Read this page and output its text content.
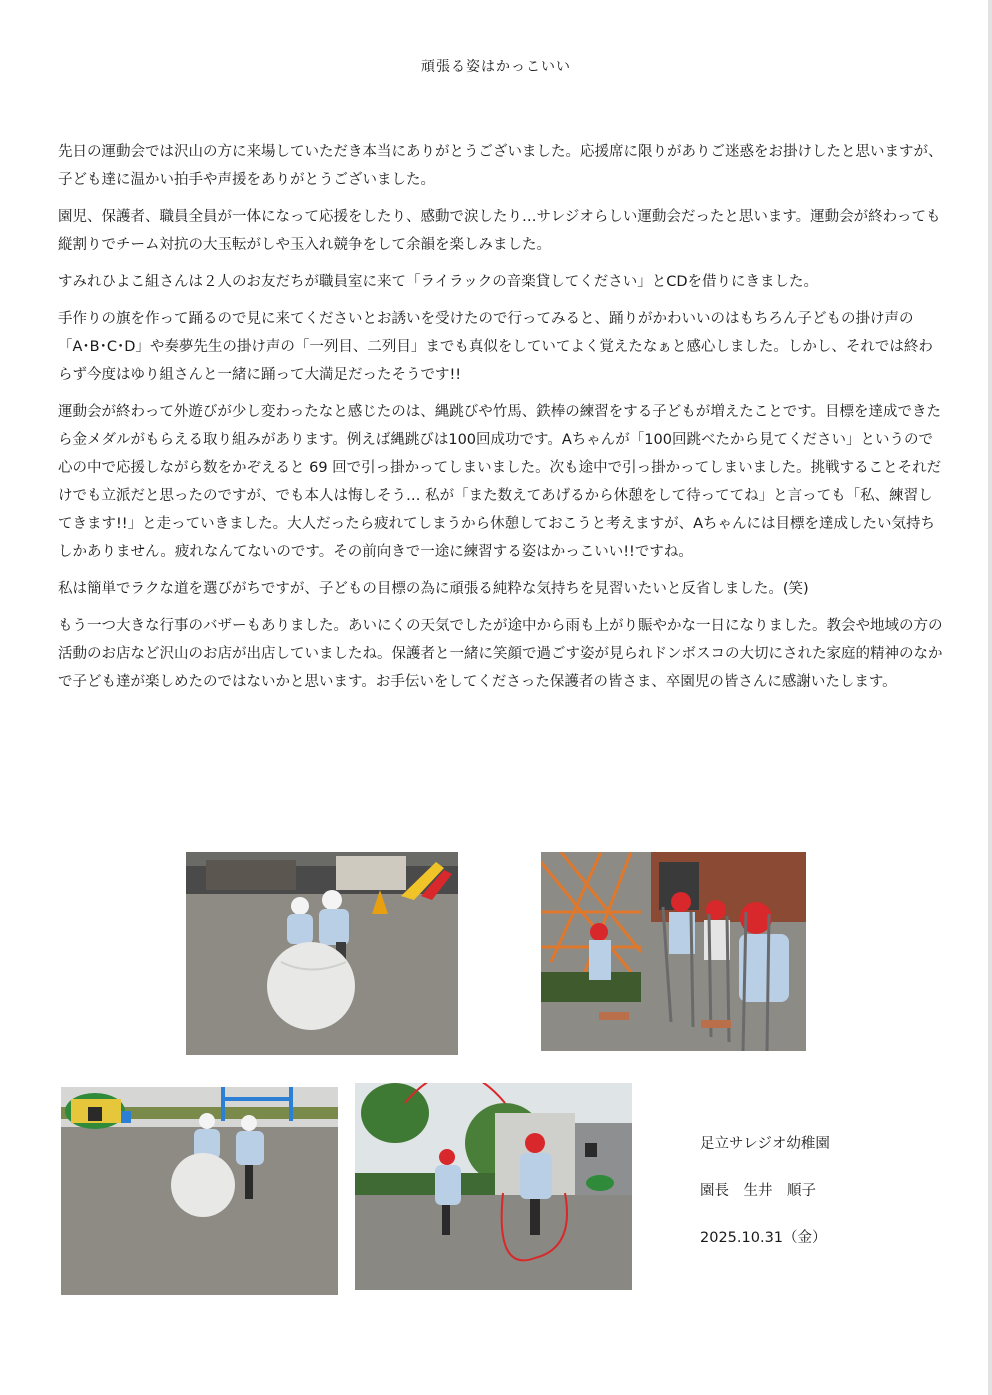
頑張る姿はかっこいい

先日の運動会では沢山の方に来場していただき本当にありがとうございました。応援席に限りがありご迷惑をお掛けしたと思いますが、子ども達に温かい拍手や声援をありがとうございました。

園児、保護者、職員全員が一体になって応援をしたり、感動で涙したり…サレジオらしい運動会だったと思います。運動会が終わっても縦割りでチーム対抗の大玉転がしや玉入れ競争をして余韻を楽しみました。

すみれひよこ組さんは２人のお友だちが職員室に来て「ライラックの音楽貸してください」とCDを借りにきました。

手作りの旗を作って踊るので見に来てくださいとお誘いを受けたので行ってみると、踊りがかわいいのはもちろん子どもの掛け声の「A･B･C･D」や奏夢先生の掛け声の「一列目、二列目」までも真似をしていてよく覚えたなぁと感心しました。しかし、それでは終わらず今度はゆり組さんと一緒に踊って大満足だったそうです!!

運動会が終わって外遊びが少し変わったなと感じたのは、縄跳びや竹馬、鉄棒の練習をする子どもが増えたことです。目標を達成できたら金メダルがもらえる取り組みがあります。例えば縄跳びは100回成功です。Aちゃんが「100回跳べたから見てください」というので心の中で応援しながら数をかぞえると 69 回で引っ掛かってしまいました。次も途中で引っ掛かってしまいました。挑戦することそれだけでも立派だと思ったのですが、でも本人は悔しそう… 私が「また数えてあげるから休憩をして待っててね」と言っても「私、練習してきます!!」と走っていきました。大人だったら疲れてしまうから休憩しておこうと考えますが、Aちゃんには目標を達成したい気持ちしかありません。疲れなんてないのです。その前向きで一途に練習する姿はかっこいい!!ですね。

私は簡単でラクな道を選びがちですが、子どもの目標の為に頑張る純粋な気持ちを見習いたいと反省しました。(笑)

もう一つ大きな行事のバザーもありました。あいにくの天気でしたが途中から雨も上がり賑やかな一日になりました。教会や地域の方の活動のお店など沢山のお店が出店していましたね。保護者と一緒に笑顔で過ごす姿が見られドンボスコの大切にされた家庭的精神のなかで子ども達が楽しめたのではないかと思います。お手伝いをしてくださった保護者の皆さま、卒園児の皆さんに感謝いたします。

足立サレジオ幼稚園
園長　生井　順子
2025.10.31（金）
